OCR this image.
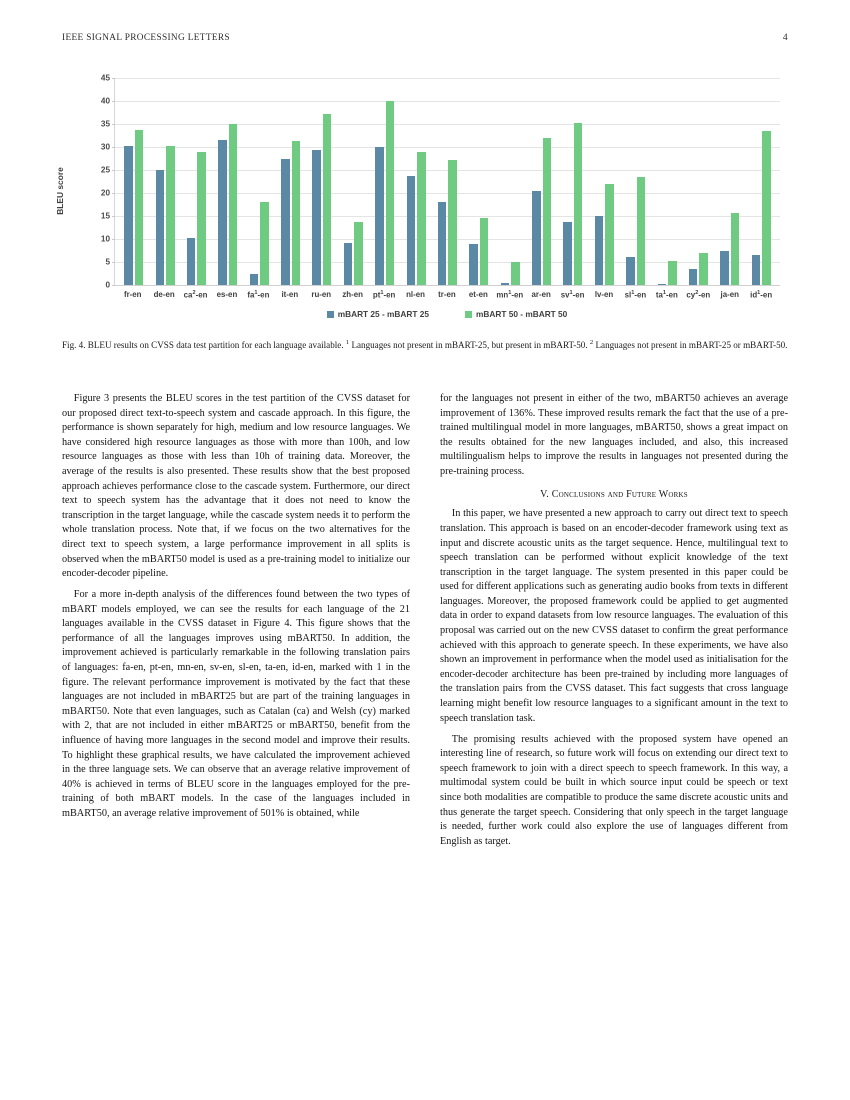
IEEE SIGNAL PROCESSING LETTERS	4
BLEU score
0
5
10
15
20
25
30
35
40
45
fr-en	de-en	$ca^2-en$	es-en	$fa^1-en$	it-en	ru-en	zh-en	$pt^1-en$	nl-en	tr-en	et-en	$mn^1-en$	ar-en	$sv^1-en$	lv-en	$sl^1-en$	$ta^1-en$	$cy^2-en$	ja-en	$id^1-en$
mBART 25 - mBART 25	mBART 50 - mBART 50
Fig. 4. BLEU results on CVSS data test partition for each language available. $^1$ Languages not present in mBART-25, but present in mBART-50. $^2$ Languages not present in mBART-25 or mBART-50.

Figure 3 presents the BLEU scores in the test partition of the CVSS dataset for our proposed direct text-to-speech system and cascade approach. In this figure, the performance is shown separately for high, medium and low resource languages. We have considered high resource languages as those with more than 100h, and low resource languages as those with less than 10h of training data. Moreover, the average of the results is also presented. These results show that the best proposed approach achieves performance close to the cascade system. Furthermore, our direct text to speech system has the advantage that it does not need to know the transcription in the target language, while the cascade system needs it to perform the whole translation process. Note that, if we focus on the two alternatives for the direct text to speech system, a large performance improvement in all splits is observed when the mBART50 model is used as a pre-training model to initialize our encoder-decoder pipeline.

For a more in-depth analysis of the differences found between the two types of mBART models employed, we can see the results for each language of the 21 languages available in the CVSS dataset in Figure 4. This figure shows that the performance of all the languages improves using mBART50. In addition, the improvement achieved is particularly remarkable in the following translation pairs of languages: fa-en, pt-en, mn-en, sv-en, sl-en, ta-en, id-en, marked with 1 in the figure. The relevant performance improvement is motivated by the fact that these languages are not included in mBART25 but are part of the training languages in mBART50. Note that even languages, such as Catalan (ca) and Welsh (cy) marked with 2, that are not included in either mBART25 or mBART50, benefit from the influence of having more languages in the second model and improve their results. To highlight these graphical results, we have calculated the improvement achieved in the three language sets. We can observe that an average relative improvement of 40% is achieved in terms of BLEU score in the languages employed for the pre-training of both mBART models. In the case of the languages included in mBART50, an average relative improvement of 501% is obtained, while

for the languages not present in either of the two, mBART50 achieves an average improvement of 136%. These improved results remark the fact that the use of a pre-trained multilingual model in more languages, mBART50, shows a great impact on the results obtained for the new languages included, and also, this increased multilingualism helps to improve the results in languages not presented during the pre-training process.

V. Conclusions and Future Works

In this paper, we have presented a new approach to carry out direct text to speech translation. This approach is based on an encoder-decoder framework using text as input and discrete acoustic units as the target sequence. Hence, multilingual text to speech translation can be performed without explicit knowledge of the text transcription in the target language. The system presented in this paper could be used for different applications such as generating audio books from texts in different languages. Moreover, the proposed framework could be applied to get augmented data in order to expand datasets from low resource languages. The evaluation of this proposal was carried out on the new CVSS dataset to confirm the great performance achieved with this approach to generate speech. In these experiments, we have also shown an improvement in performance when the model used as initialisation for the encoder-decoder architecture has been pre-trained by including more languages of the translation pairs from the CVSS dataset. This fact suggests that cross language learning might benefit low resource languages to a significant amount in the text to speech translation task.

The promising results achieved with the proposed system have opened an interesting line of research, so future work will focus on extending our direct text to speech framework to join with a direct speech to speech framework. In this way, a multimodal system could be built in which source input could be speech or text since both modalities are compatible to produce the same discrete acoustic units and thus generate the target speech. Considering that only speech in the target language is needed, further work could also explore the use of languages different from English as target.
